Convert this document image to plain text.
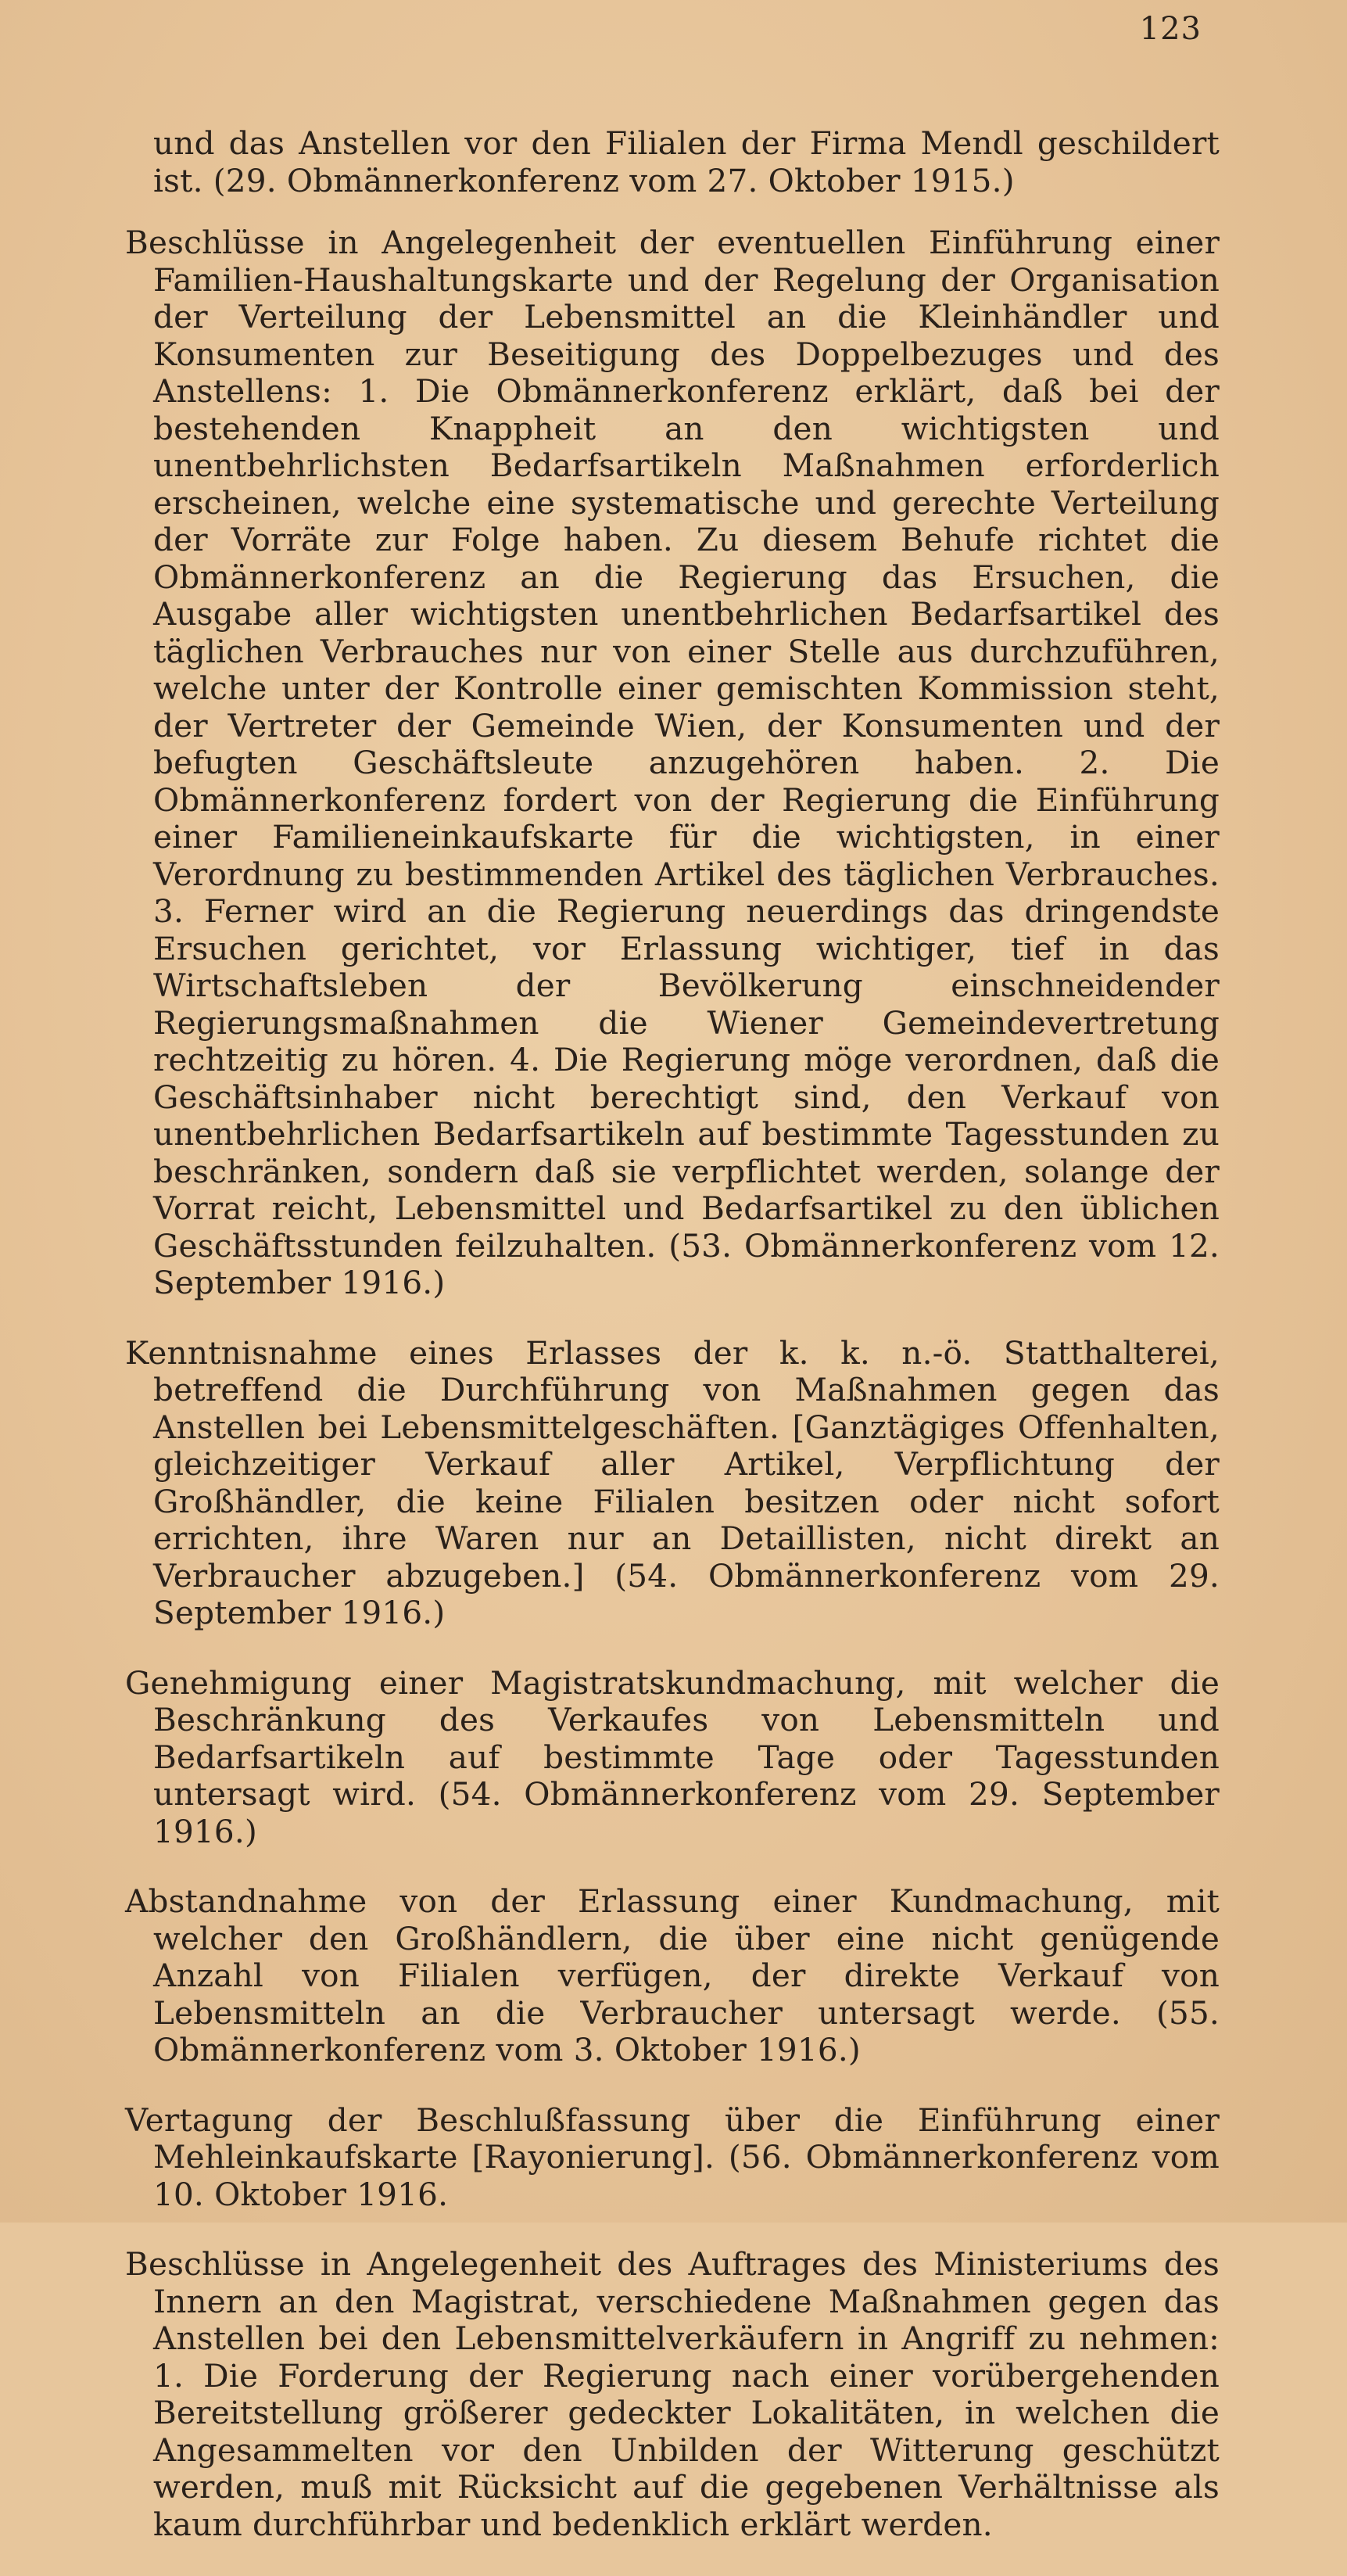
123

und das Anstellen vor den Filialen der Firma Mendl geschildert ist. (29. Obmännerkonferenz vom 27. Oktober 1915.)

Beschlüsse in Angelegenheit der eventuellen Einführung einer Familien-Haushaltungskarte und der Regelung der Organisation der Verteilung der Lebensmittel an die Kleinhändler und Konsumenten zur Beseitigung des Doppelbezuges und des Anstellens: 1. Die Obmännerkonferenz erklärt, daß bei der bestehenden Knappheit an den wichtigsten und unentbehrlichsten Bedarfsartikeln Maßnahmen erforderlich erscheinen, welche eine systematische und gerechte Verteilung der Vorräte zur Folge haben. Zu diesem Behufe richtet die Obmännerkonferenz an die Regierung das Ersuchen, die Ausgabe aller wichtigsten unentbehrlichen Bedarfsartikel des täglichen Verbrauches nur von einer Stelle aus durchzuführen, welche unter der Kontrolle einer gemischten Kommission steht, der Vertreter der Gemeinde Wien, der Konsumenten und der befugten Geschäftsleute anzugehören haben. 2. Die Obmännerkonferenz fordert von der Regierung die Einführung einer Familieneinkaufskarte für die wichtigsten, in einer Verordnung zu bestimmenden Artikel des täglichen Verbrauches. 3. Ferner wird an die Regierung neuerdings das dringendste Ersuchen gerichtet, vor Erlassung wichtiger, tief in das Wirtschaftsleben der Bevölkerung einschneidender Regierungsmaßnahmen die Wiener Gemeindevertretung rechtzeitig zu hören. 4. Die Regierung möge verordnen, daß die Geschäftsinhaber nicht berechtigt sind, den Verkauf von unentbehrlichen Bedarfsartikeln auf bestimmte Tagesstunden zu beschränken, sondern daß sie verpflichtet werden, solange der Vorrat reicht, Lebensmittel und Bedarfsartikel zu den üblichen Geschäftsstunden feilzuhalten. (53. Obmännerkonferenz vom 12. September 1916.)

Kenntnisnahme eines Erlasses der k. k. n.-ö. Statthalterei, betreffend die Durchführung von Maßnahmen gegen das Anstellen bei Lebensmittelgeschäften. [Ganztägiges Offenhalten, gleichzeitiger Verkauf aller Artikel, Verpflichtung der Großhändler, die keine Filialen besitzen oder nicht sofort errichten, ihre Waren nur an Detaillisten, nicht direkt an Verbraucher abzugeben.] (54. Obmännerkonferenz vom 29. September 1916.)

Genehmigung einer Magistratskundmachung, mit welcher die Beschränkung des Verkaufes von Lebensmitteln und Bedarfsartikeln auf bestimmte Tage oder Tagesstunden untersagt wird. (54. Obmännerkonferenz vom 29. September 1916.)

Abstandnahme von der Erlassung einer Kundmachung, mit welcher den Großhändlern, die über eine nicht genügende Anzahl von Filialen verfügen, der direkte Verkauf von Lebensmitteln an die Verbraucher untersagt werde. (55. Obmännerkonferenz vom 3. Oktober 1916.)

Vertagung der Beschlußfassung über die Einführung einer Mehleinkaufskarte [Rayonierung]. (56. Obmännerkonferenz vom 10. Oktober 1916.

Beschlüsse in Angelegenheit des Auftrages des Ministeriums des Innern an den Magistrat, verschiedene Maßnahmen gegen das Anstellen bei den Lebensmittelverkäufern in Angriff zu nehmen: 1. Die Forderung der Regierung nach einer vorübergehenden Bereitstellung größerer gedeckter Lokalitäten, in welchen die Angesammelten vor den Unbilden der Witterung geschützt werden, muß mit Rücksicht auf die gegebenen Verhältnisse als kaum durchführbar und bedenklich erklärt werden.
